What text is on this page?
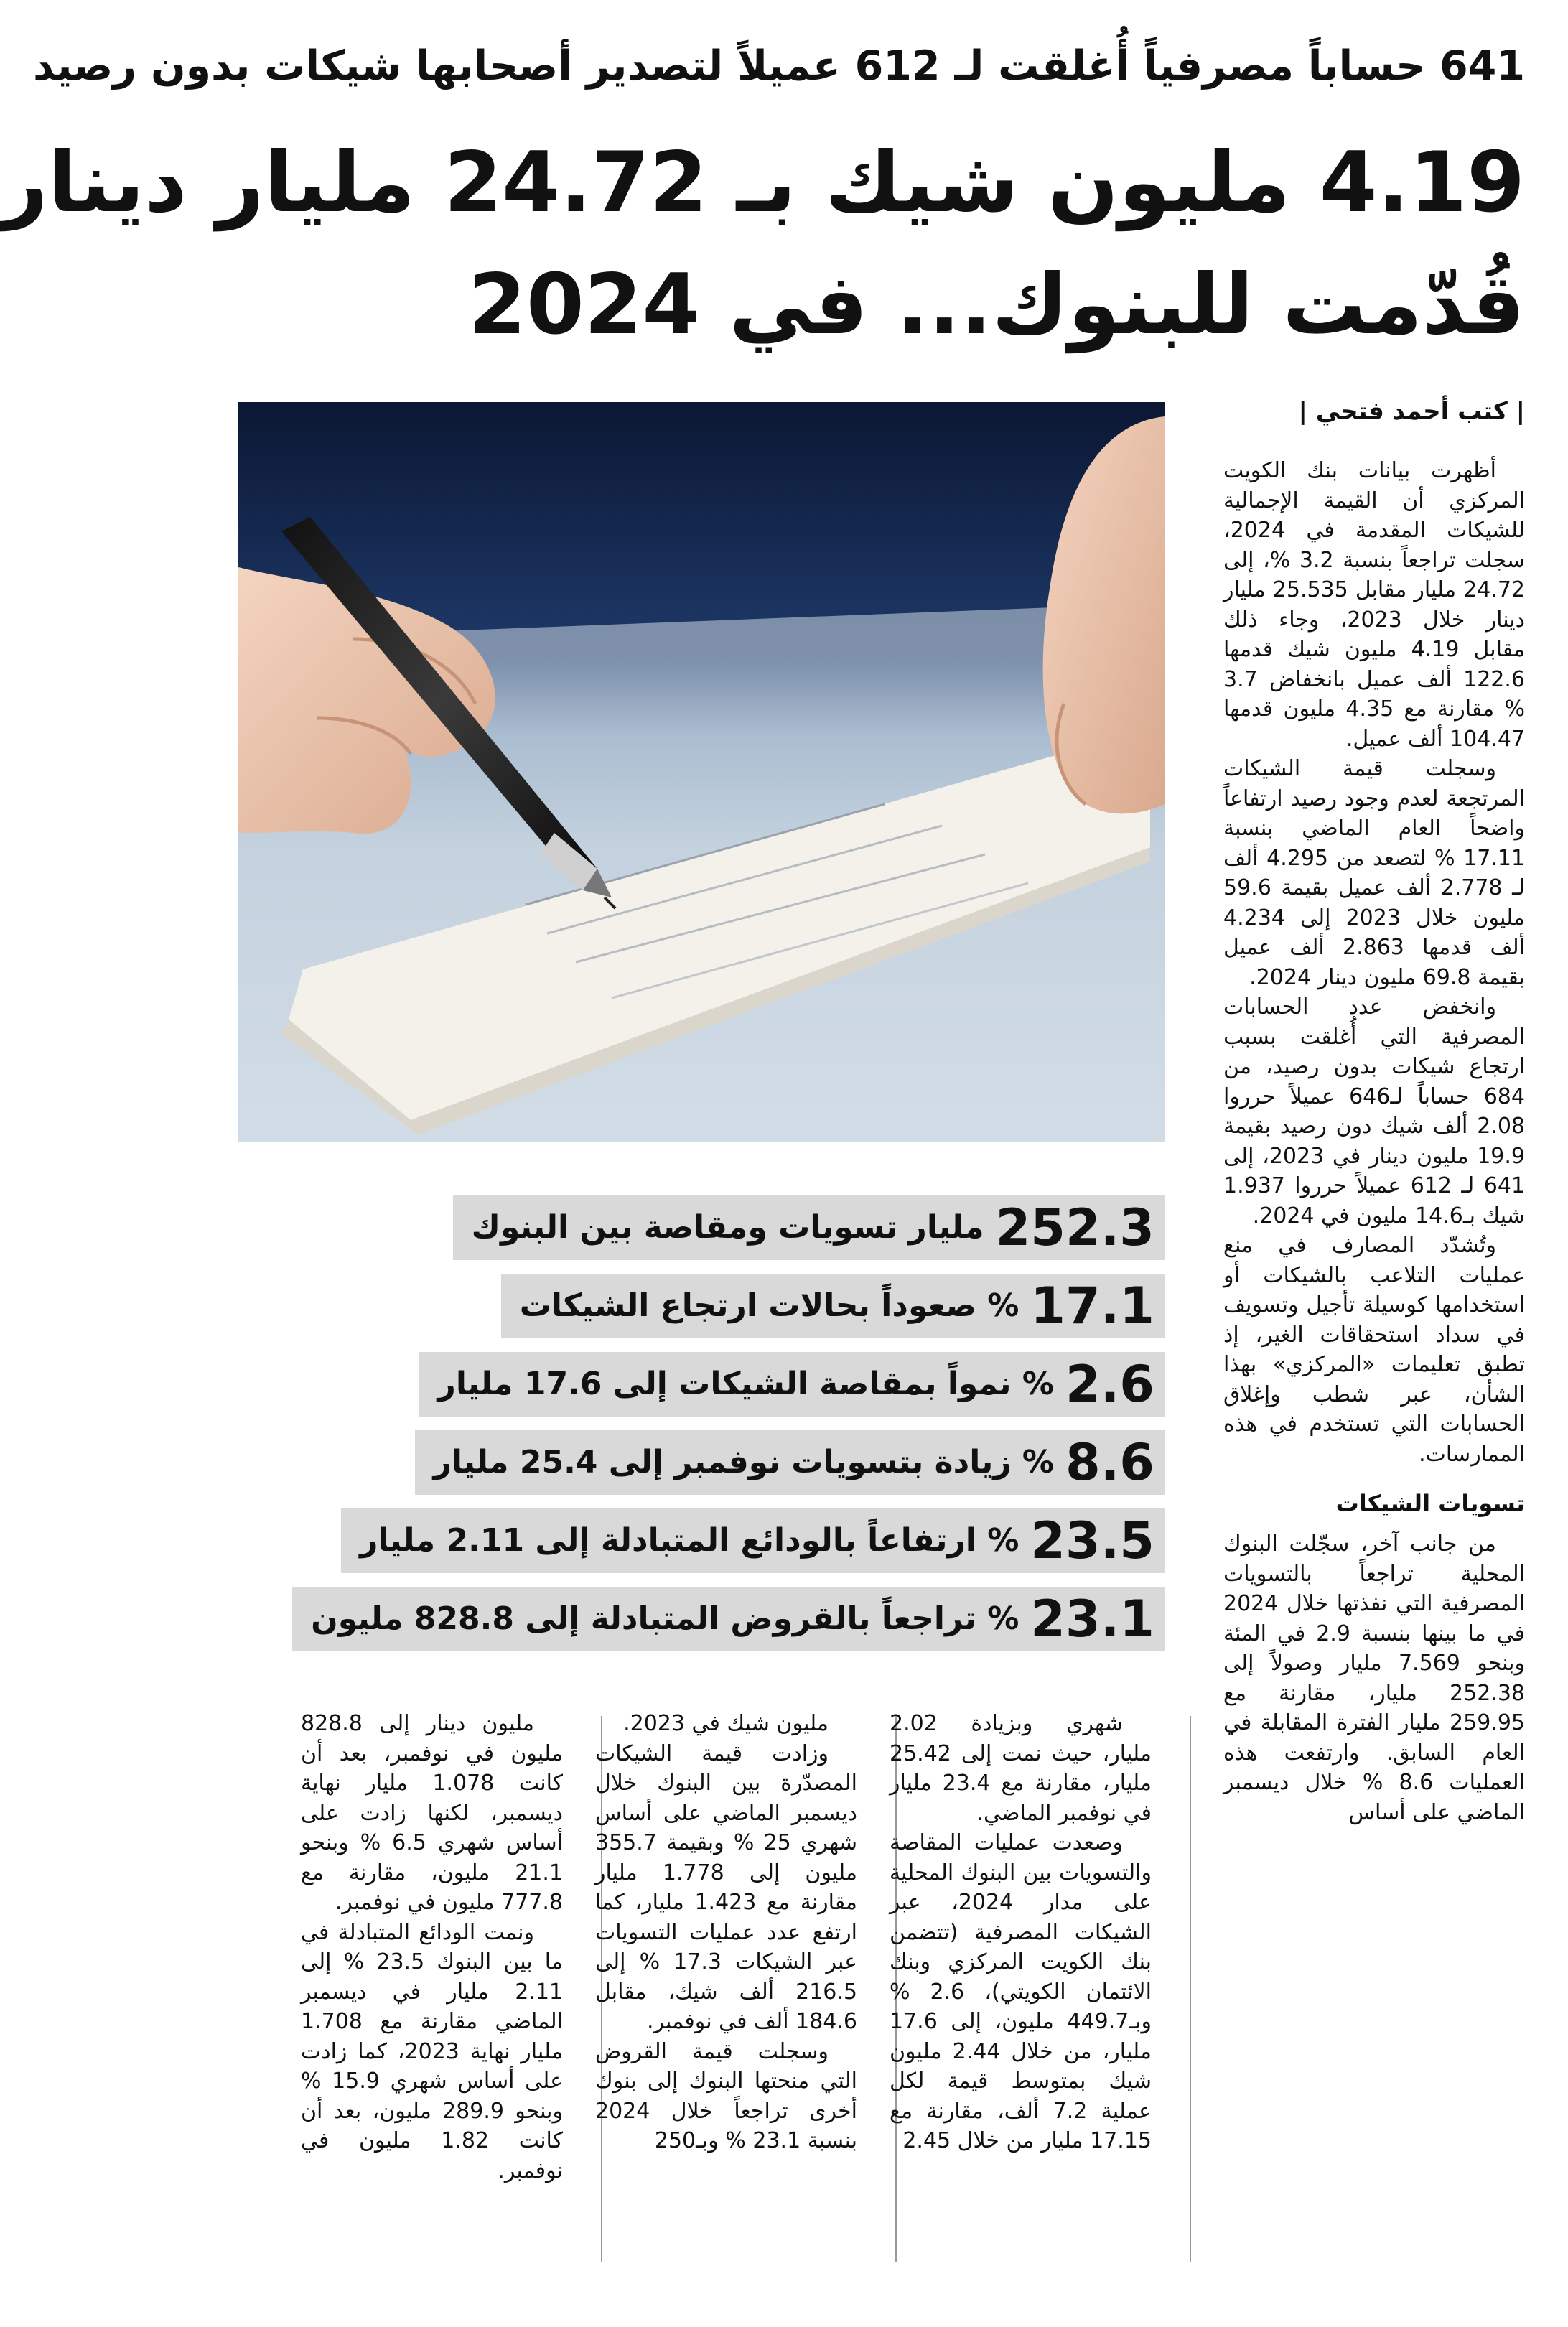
641 حساباً مصرفياً أُغلقت لـ 612 عميلاً لتصدير أصحابها شيكات بدون رصيد
4.19 مليون شيك بـ 24.72 مليار دينار
قُدّمت للبنوك... في 2024
| كتب أحمد فتحي |
252.3
مليار تسويات ومقاصة بين البنوك
17.1
% صعوداً بحالات ارتجاع الشيكات
2.6
% نمواً بمقاصة الشيكات إلى 17.6 مليار
8.6
% زيادة بتسويات نوفمبر إلى 25.4 مليار
23.5
% ارتفاعاً بالودائع المتبادلة إلى 2.11 مليار
23.1
% تراجعاً بالقروض المتبادلة إلى 828.8 مليون

أظهرت بيانات بنك الكويت المركزي أن القيمة الإجمالية للشيكات المقدمة في 2024، سجلت تراجعاً بنسبة 3.2 %، إلى 24.72 مليار مقابل 25.535 مليار دينار خلال 2023، وجاء ذلك مقابل 4.19 مليون شيك قدمها 122.6 ألف عميل بانخفاض 3.7 % مقارنة مع 4.35 مليون قدمها 104.47 ألف عميل.

وسجلت قيمة الشيكات المرتجعة لعدم وجود رصيد ارتفاعاً واضحاً العام الماضي بنسبة 17.11 % لتصعد من 4.295 ألف لـ 2.778 ألف عميل بقيمة 59.6 مليون خلال 2023 إلى 4.234 ألف قدمها 2.863 ألف عميل بقيمة 69.8 مليون دينار 2024.

وانخفض عدد الحسابات المصرفية التي أُغلقت بسبب ارتجاع شيكات بدون رصيد، من 684 حساباً لـ646 عميلاً حرروا 2.08 ألف شيك دون رصيد بقيمة 19.9 مليون دينار في 2023، إلى 641 لـ 612 عميلاً حرروا 1.937 شيك بـ14.6 مليون في 2024.

وتُشدّد المصارف في منع عمليات التلاعب بالشيكات أو استخدامها كوسيلة تأجيل وتسويف في سداد استحقاقات الغير، إذ تطبق تعليمات «المركزي» بهذا الشأن، عبر شطب وإغلاق الحسابات التي تستخدم في هذه الممارسات.

تسويات الشيكات

من جانب آخر، سجّلت البنوك المحلية تراجعاً بالتسويات المصرفية التي نفذتها خلال 2024 في ما بينها بنسبة 2.9 في المئة وبنحو 7.569 مليار وصولاً إلى 252.38 مليار، مقارنة مع 259.95 مليار الفترة المقابلة في العام السابق. وارتفعت هذه العمليات 8.6 % خلال ديسمبر الماضي على أساس

شهري وبزيادة 2.02 مليار، حيث نمت إلى 25.42 مليار، مقارنة مع 23.4 مليار في نوفمبر الماضي.

وصعدت عمليات المقاصة والتسويات بين البنوك المحلية على مدار 2024، عبر الشيكات المصرفية (تتضمن بنك الكويت المركزي وبنك الائتمان الكويتي)، 2.6 % وبـ449.7 مليون، إلى 17.6 مليار، من خلال 2.44 مليون شيك بمتوسط قيمة لكل عملية 7.2 ألف، مقارنة مع 17.15 مليار من خلال 2.45

مليون شيك في 2023.

وزادت قيمة الشيكات المصدّرة بين البنوك خلال ديسمبر الماضي على أساس شهري 25 % وبقيمة 355.7 مليون إلى 1.778 مليار مقارنة مع 1.423 مليار، كما ارتفع عدد عمليات التسويات عبر الشيكات 17.3 % إلى 216.5 ألف شيك، مقابل 184.6 ألف في نوفمبر.

وسجلت قيمة القروض التي منحتها البنوك إلى بنوك أخرى تراجعاً خلال 2024 بنسبة 23.1 % وبـ250

مليون دينار إلى 828.8 مليون في نوفمبر، بعد أن كانت 1.078 مليار نهاية ديسمبر، لكنها زادت على أساس شهري 6.5 % وبنحو 21.1 مليون، مقارنة مع 777.8 مليون في نوفمبر.

ونمت الودائع المتبادلة في ما بين البنوك 23.5 % إلى 2.11 مليار في ديسمبر الماضي مقارنة مع 1.708 مليار نهاية 2023، كما زادت على أساس شهري 15.9 % وبنحو 289.9 مليون، بعد أن كانت 1.82 مليون في نوفمبر.
